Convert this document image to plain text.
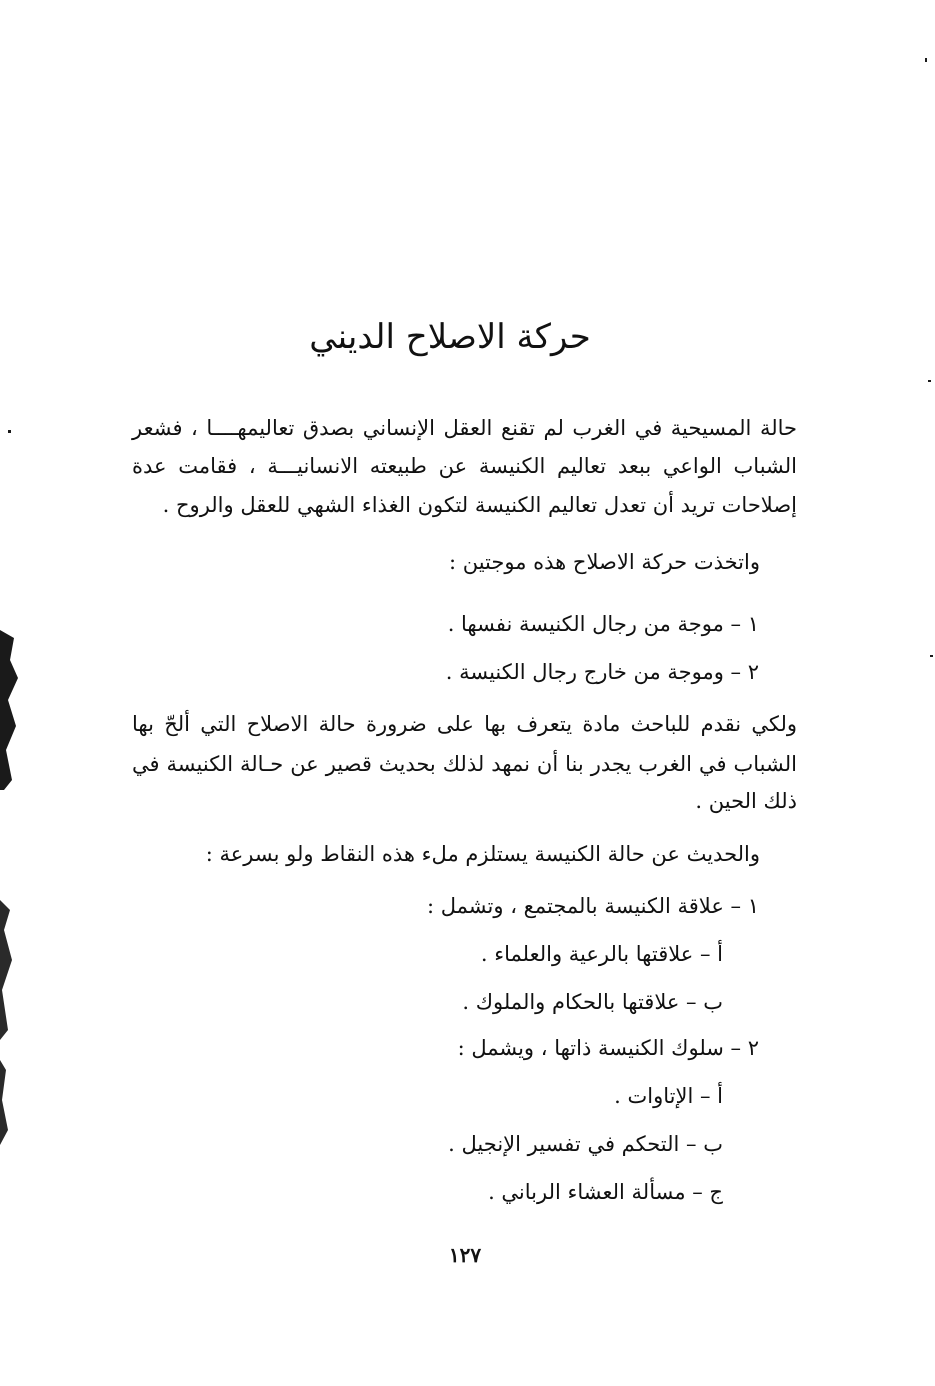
حركة الاصلاح الديني
حالة المسيحية في الغرب لم تقنع العقل الإنساني بصدق تعاليمهــــا ، فشعر
الشباب الواعي ببعد تعاليم الكنيسة عن طبيعته الانسانيـــة ، فقامت عدة
إصلاحات تريد أن تعدل تعاليم الكنيسة لتكون الغذاء الشهي للعقل والروح .
واتخذت حركة الاصلاح هذه موجتين :
١ – موجة من رجال الكنيسة نفسها .
٢ – وموجة من خارج رجال الكنيسة .
ولكي نقدم للباحث مادة يتعرف بها على ضرورة حالة الاصلاح التي ألحّ بها
الشباب في الغرب يجدر بنا أن نمهد لذلك بحديث قصير عن حـالة الكنيسة في
ذلك الحين .
والحديث عن حالة الكنيسة يستلزم ملء هذه النقاط ولو بسرعة :
١ – علاقة الكنيسة بالمجتمع ، وتشمل :
أ – علاقتها بالرعية والعلماء .
ب – علاقتها بالحكام والملوك .
٢ – سلوك الكنيسة ذاتها ، ويشمل :
أ – الإتاوات .
ب – التحكم في تفسير الإنجيل .
ج – مسألة العشاء الرباني .
١٢٧
